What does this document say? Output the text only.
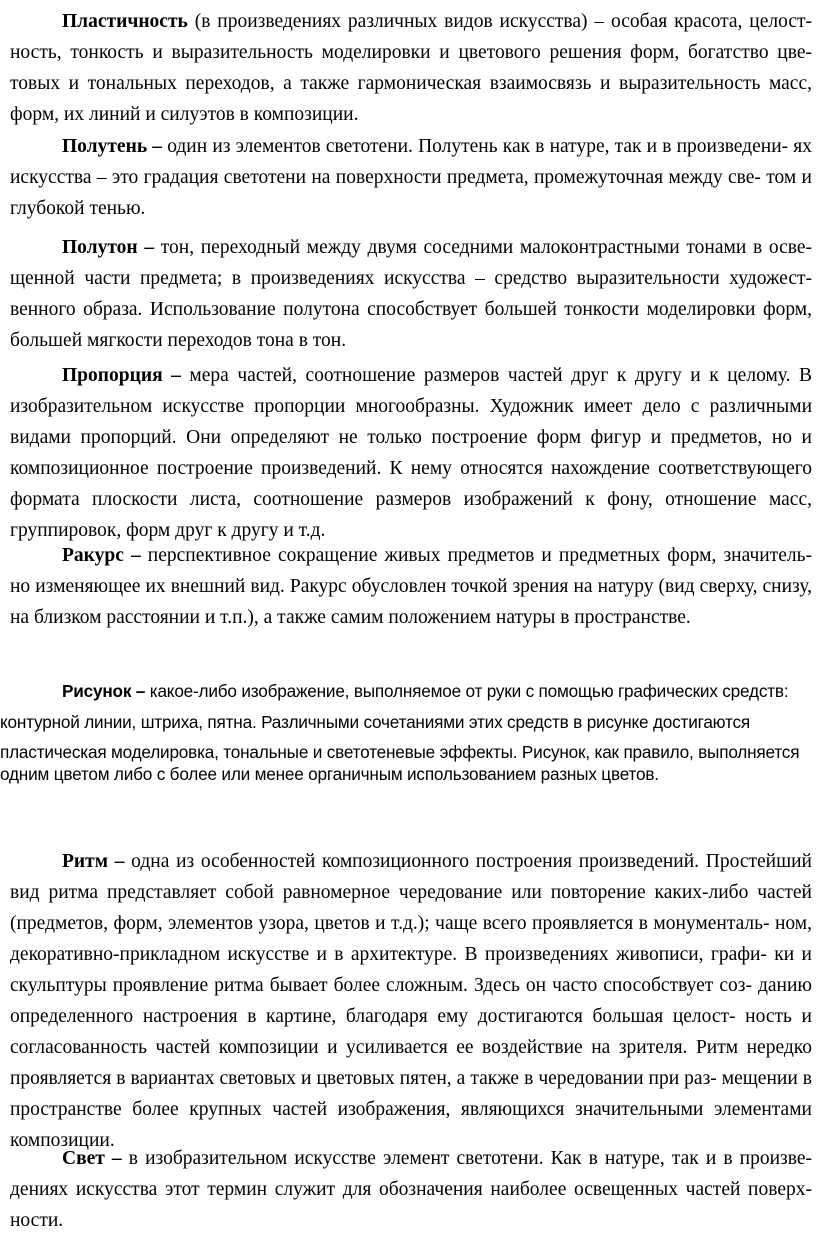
Пластичность (в произведениях различных видов искусства) – особая красота, целост- ность, тонкость и выразительность моделировки и цветового решения форм, богатство цве- товых и тональных переходов, а также гармоническая взаимосвязь и выразительность масс, форм, их линий и силуэтов в композиции.

Полутень – один из элементов светотени. Полутень как в натуре, так и в произведени- ях искусства – это градация светотени на поверхности предмета, промежуточная между све- том и глубокой тенью.

Полутон – тон, переходный между двумя соседними малоконтрастными тонами в осве- щенной части предмета; в произведениях искусства – средство выразительности художест- венного образа. Использование полутона способствует большей тонкости моделировки форм, большей мягкости переходов тона в тон.

Пропорция – мера частей, соотношение размеров частей друг к другу и к целому. В изобразительном искусстве пропорции многообразны. Художник имеет дело с различными видами пропорций. Они определяют не только построение форм фигур и предметов, но и композиционное построение произведений. К нему относятся нахождение соответствующего формата плоскости листа, соотношение размеров изображений к фону, отношение масс, группировок, форм друг к другу и т.д.

Ракурс – перспективное сокращение живых предметов и предметных форм, значитель- но изменяющее их внешний вид. Ракурс обусловлен точкой зрения на натуру (вид сверху, снизу, на близком расстоянии и т.п.), а также самим положением натуры в пространстве.

Рисунок – какое-либо изображение, выполняемое от руки с помощью графических средств:
контурной линии, штриха, пятна. Различными сочетаниями этих средств в рисунке достигаются
пластическая моделировка, тональные и светотеневые эффекты. Рисунок, как правило, выполняется одним цветом либо с более или менее органичным использованием разных цветов.

Ритм – одна из особенностей композиционного построения произведений. Простейший вид ритма представляет собой равномерное чередование или повторение каких-либо частей (предметов, форм, элементов узора, цветов и т.д.); чаще всего проявляется в монументаль- ном, декоративно-прикладном искусстве и в архитектуре. В произведениях живописи, графи- ки и скульптуры проявление ритма бывает более сложным. Здесь он часто способствует соз- данию определенного настроения в картине, благодаря ему достигаются большая целост- ность и согласованность частей композиции и усиливается ее воздействие на зрителя. Ритм нередко проявляется в вариантах световых и цветовых пятен, а также в чередовании при раз- мещении в пространстве более крупных частей изображения, являющихся значительными элементами композиции.

Свет – в изобразительном искусстве элемент светотени. Как в натуре, так и в произве- дениях искусства этот термин служит для обозначения наиболее освещенных частей поверх- ности.
